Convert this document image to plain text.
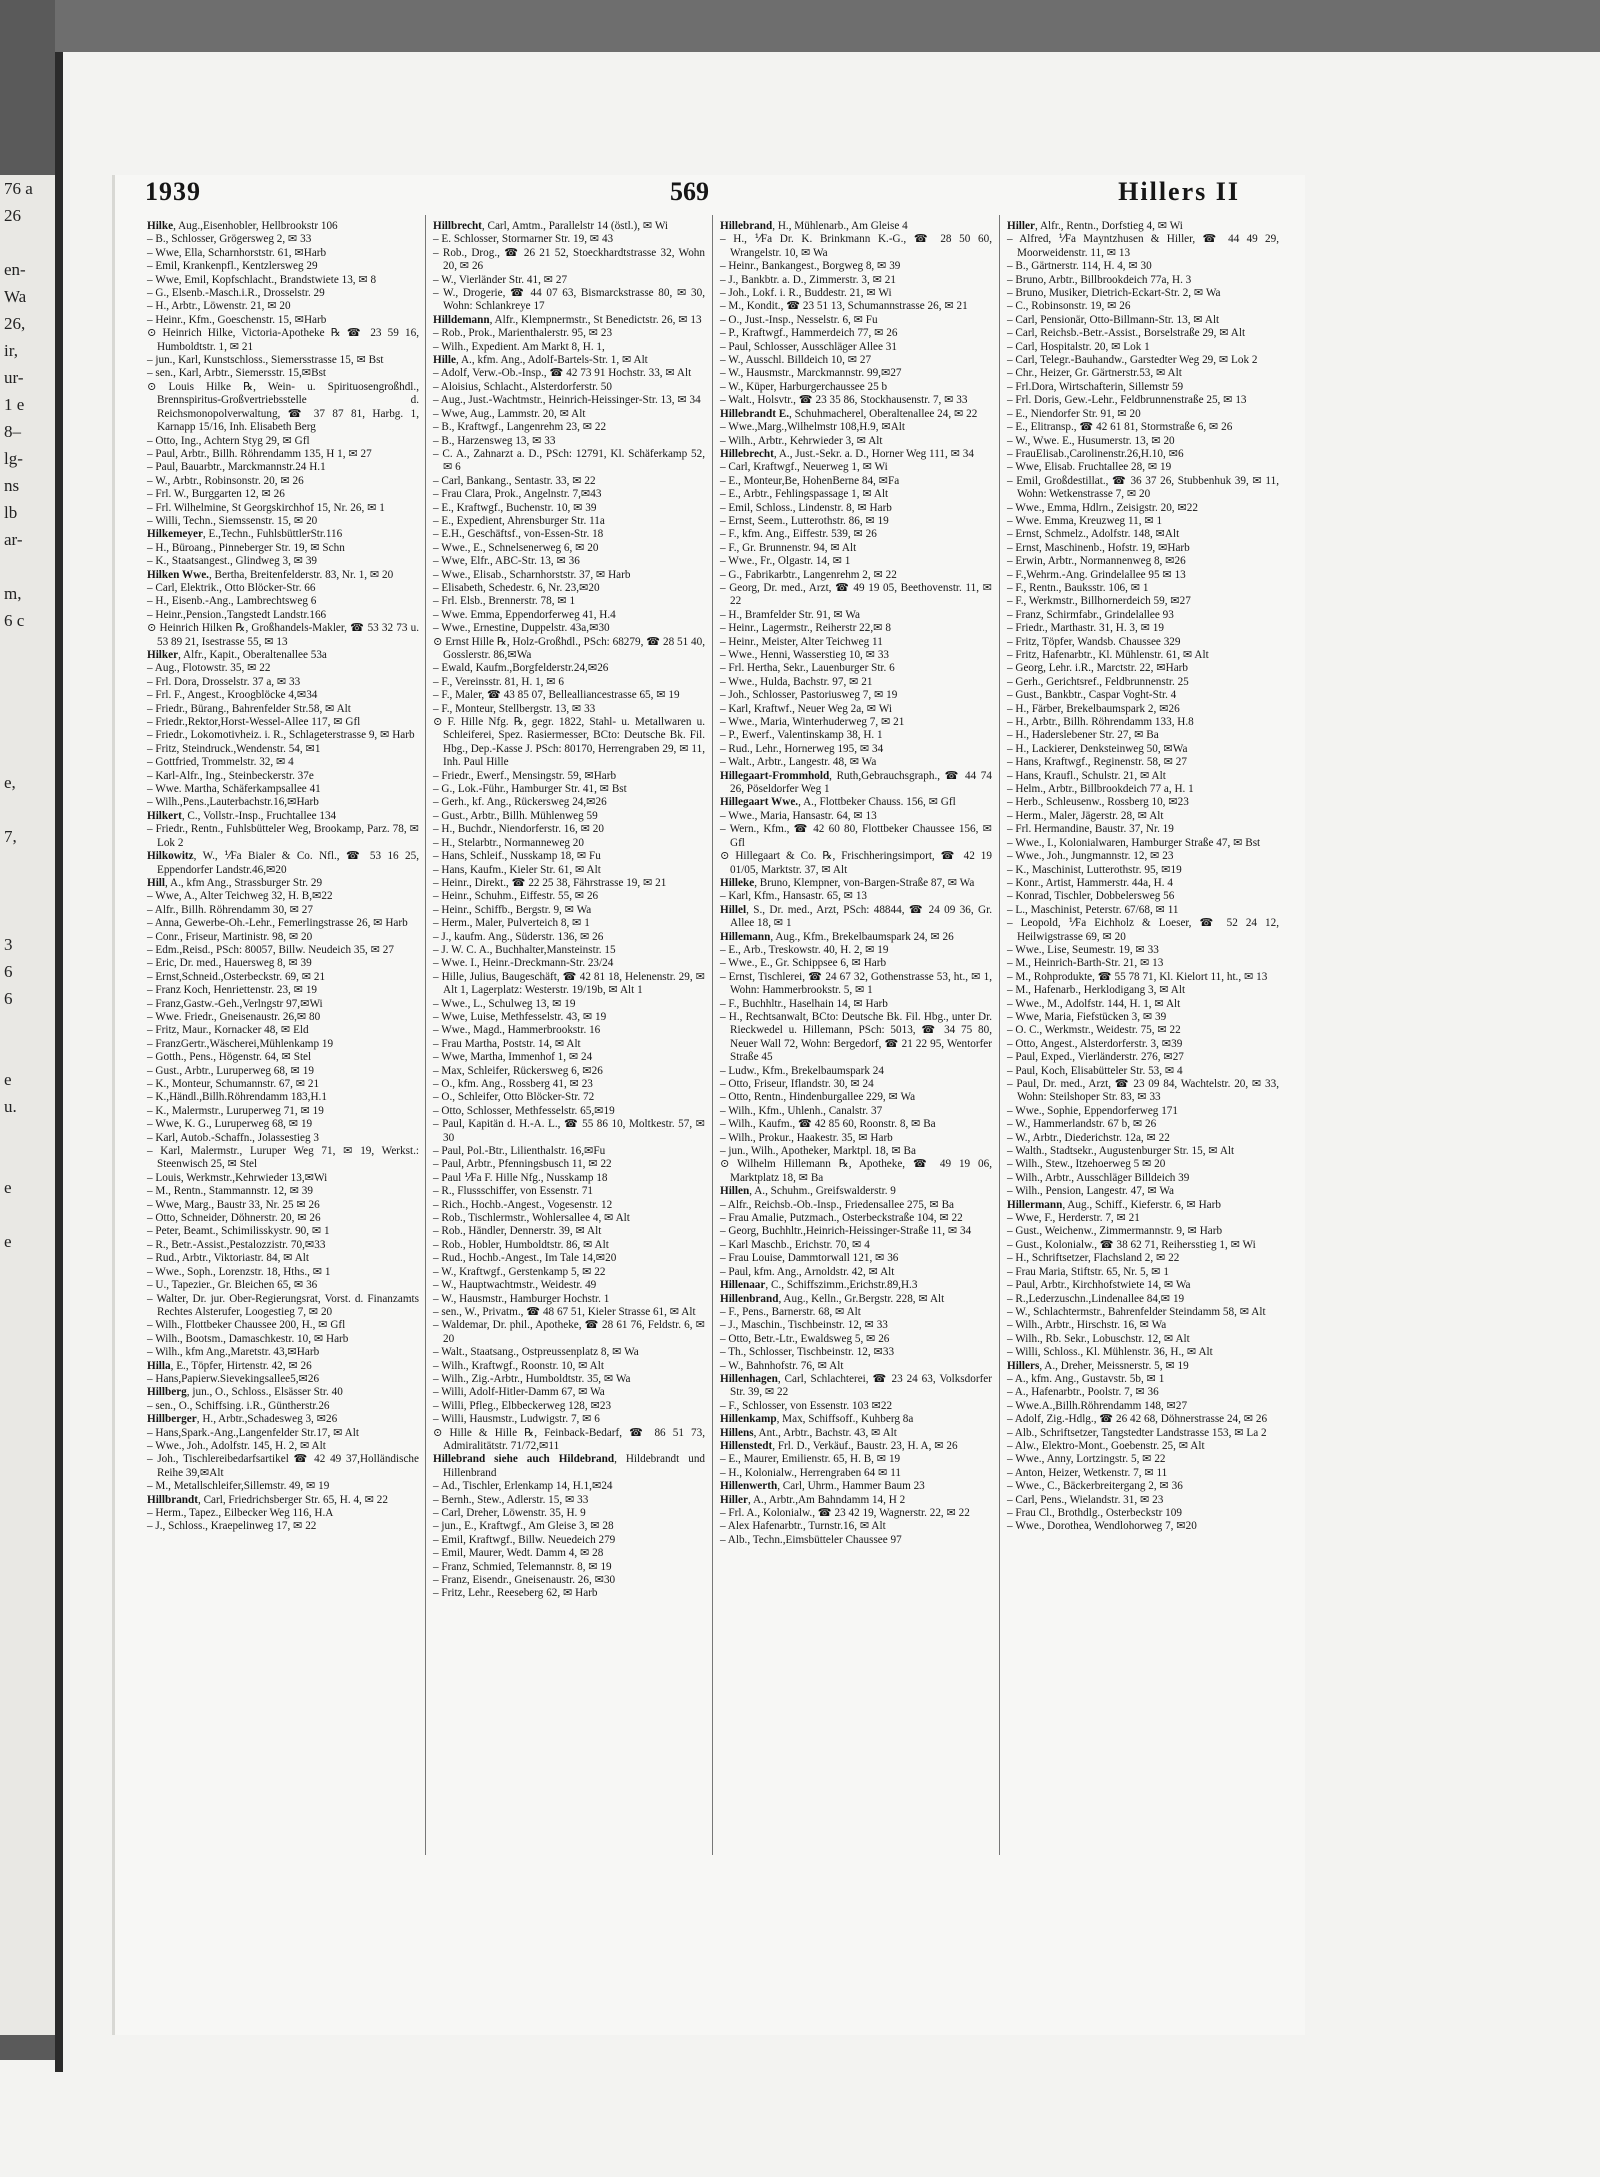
76 a
26

en-
Wa
26,
ir,
ur-
1 e
8–
lg-
ns
lb
ar-

m,
6 c

e,

7,

3
6
6

e
u.

e

e

1939	569	Hillers II

Hilke, Aug.,Eisenhobler, Hellbrookstr 106

– B., Schlosser, Grögersweg 2, ✉ 33

– Wwe, Ella, Scharnhorststr. 61, ✉Harb

– Emil, Krankenpfl., Kentzlersweg 29

– Wwe, Emil, Kopfschlacht., Brandstwiete 13, ✉ 8

– G., Elsenb.-Masch.i.R., Drosselstr. 29

– H., Arbtr., Löwenstr. 21, ✉ 20

– Heinr., Kfm., Goeschenstr. 15, ✉Harb

⊙ Heinrich Hilke, Victoria-Apotheke ℞ ☎ 23 59 16, Humboldtstr. 1, ✉ 21

– jun., Karl, Kunstschloss., Siemersstrasse 15, ✉ Bst

– sen., Karl, Arbtr., Siemersstr. 15,✉Bst

⊙ Louis Hilke ℞, Wein- u. Spirituosengroßhdl., Brennspiritus-Großvertriebsstelle d. Reichsmonopolverwaltung, ☎ 37 87 81, Harbg. 1, Karnapp 15/16, Inh. Elisabeth Berg

– Otto, Ing., Achtern Styg 29, ✉ Gfl

– Paul, Arbtr., Billh. Röhrendamm 135, H 1, ✉ 27

– Paul, Bauarbtr., Marckmannstr.24 H.1

– W., Arbtr., Robinsonstr. 20, ✉ 26

– Frl. W., Burggarten 12, ✉ 26

– Frl. Wilhelmine, St Georgskirchhof 15, Nr. 26, ✉ 1

– Willi, Techn., Siemssenstr. 15, ✉ 20

Hilkemeyer, E.,Techn., FuhlsbüttlerStr.116

– H., Büroang., Pinneberger Str. 19, ✉ Schn

– K., Staatsangest., Glindweg 3, ✉ 39

Hilken Wwe., Bertha, Breitenfelderstr. 83, Nr. 1, ✉ 20

– Carl, Elektrik., Otto Blöcker-Str. 66

– H., Eisenb.-Ang., Lambrechtsweg 6

– Heinr.,Pension.,Tangstedt Landstr.166

⊙ Heinrich Hilken ℞, Großhandels-Makler, ☎ 53 32 73 u. 53 89 21, Isestrasse 55, ✉ 13

Hilker, Alfr., Kapit., Oberaltenallee 53a

– Aug., Flotowstr. 35, ✉ 22

– Frl. Dora, Drosselstr. 37 a, ✉ 33

– Frl. F., Angest., Kroogblöcke 4,✉34

– Friedr., Bürang., Bahrenfelder Str.58, ✉ Alt

– Friedr.,Rektor,Horst-Wessel-Allee 117, ✉ Gfl

– Friedr., Lokomotivheiz. i. R., Schlageterstrasse 9, ✉ Harb

– Fritz, Steindruck.,Wendenstr. 54, ✉1

– Gottfried, Trommelstr. 32, ✉ 4

– Karl-Alfr., Ing., Steinbeckerstr. 37e

– Wwe. Martha, Schäferkampsallee 41

– Wilh.,Pens.,Lauterbachstr.16,✉Harb

Hilkert, C., Vollstr.-Insp., Fruchtallee 134

– Friedr., Rentn., Fuhlsbütteler Weg, Brookamp, Parz. 78, ✉ Lok 2

Hilkowitz, W., ⅟Fa Bialer & Co. Nfl., ☎ 53 16 25, Eppendorfer Landstr.46,✉20

Hill, A., kfm Ang., Strassburger Str. 29

– Wwe, A., Alter Teichweg 32, H. B,✉22

– Alfr., Billh. Röhrendamm 30, ✉ 27

– Anna, Gewerbe-Oh.-Lehr., Femerlingstrasse 26, ✉ Harb

– Conr., Friseur, Martinistr. 98, ✉ 20

– Edm.,Reisd., PSch: 80057, Billw. Neudeich 35, ✉ 27

– Eric, Dr. med., Hauersweg 8, ✉ 39

– Ernst,Schneid.,Osterbeckstr. 69, ✉ 21

– Franz Koch, Henriettenstr. 23, ✉ 19

– Franz,Gastw.-Geh.,Verlngstr 97,✉Wi

– Wwe. Friedr., Gneisenaustr. 26,✉ 80

– Fritz, Maur., Kornacker 48, ✉ Eld

– FranzGertr.,Wäscherei,Mühlenkamp 19

– Gotth., Pens., Högenstr. 64, ✉ Stel

– Gust., Arbtr., Luruperweg 68, ✉ 19

– K., Monteur, Schumannstr. 67, ✉ 21

– K.,Händl.,Billh.Röhrendamm 183,H.1

– K., Malermstr., Luruperweg 71, ✉ 19

– Wwe, K. G., Luruperweg 68, ✉ 19

– Karl, Autob.-Schaffn., Jolassestieg 3

– Karl, Malermstr., Luruper Weg 71, ✉ 19, Werkst.: Steenwisch 25, ✉ Stel

– Louis, Werkmstr.,Kehrwieder 13,✉Wi

– M., Rentn., Stammannstr. 12, ✉ 39

– Wwe, Marg., Baustr 33, Nr. 25 ✉ 26

– Otto, Schneider, Döhnerstr. 20, ✉ 26

– Peter, Beamt., Schimilisskystr. 90, ✉ 1

– R., Betr.-Assist.,Pestalozzistr. 70,✉33

– Rud., Arbtr., Viktoriastr. 84, ✉ Alt

– Wwe., Soph., Lorenzstr. 18, Hths., ✉ 1

– U., Tapezier., Gr. Bleichen 65, ✉ 36

– Walter, Dr. jur. Ober-Regierungsrat, Vorst. d. Finanzamts Rechtes Alsterufer, Loogestieg 7, ✉ 20

– Wilh., Flottbeker Chaussee 200, H., ✉ Gfl

– Wilh., Bootsm., Damaschkestr. 10, ✉ Harb

– Wilh., kfm Ang.,Maretstr. 43,✉Harb

Hilla, E., Töpfer, Hirtenstr. 42, ✉ 26

– Hans,Papierw.Sievekingsallee5,✉26

Hillberg, jun., O., Schloss., Elsässer Str. 40

– sen., O., Schiffsing. i.R., Güntherstr.26

Hillberger, H., Arbtr.,Schadesweg 3, ✉26

– Hans,Spark.-Ang.,Langenfelder Str.17, ✉ Alt

– Wwe., Joh., Adolfstr. 145, H. 2, ✉ Alt

– Joh., Tischlereibedarfsartikel ☎ 42 49 37,Holländische Reihe 39,✉Alt

– M., Metallschleifer,Sillemstr. 49, ✉ 19

Hillbrandt, Carl, Friedrichsberger Str. 65, H. 4, ✉ 22

– Herm., Tapez., Eilbecker Weg 116, H.A

– J., Schloss., Kraepelinweg 17, ✉ 22

Hillbrecht, Carl, Amtm., Parallelstr 14 (östl.), ✉ Wi

– E. Schlosser, Stormarner Str. 19, ✉ 43

– Rob., Drog., ☎ 26 21 52, Stoeckhardtstrasse 32, Wohn 20, ✉ 26

– W., Vierländer Str. 41, ✉ 27

– W., Drogerie, ☎ 44 07 63, Bismarckstrasse 80, ✉ 30, Wohn: Schlankreye 17

Hilldemann, Alfr., Klempnermstr., St Benedictstr. 26, ✉ 13

– Rob., Prok., Marienthalerstr. 95, ✉ 23

– Wilh., Expedient. Am Markt 8, H. 1,

Hille, A., kfm. Ang., Adolf-Bartels-Str. 1, ✉ Alt

– Adolf, Verw.-Ob.-Insp., ☎ 42 73 91 Hochstr. 33, ✉ Alt

– Aloisius, Schlacht., Alsterdorferstr. 50

– Aug., Just.-Wachtmstr., Heinrich-Heissinger-Str. 13, ✉ 34

– Wwe, Aug., Lammstr. 20, ✉ Alt

– B., Kraftwgf., Langenrehm 23, ✉ 22

– B., Harzensweg 13, ✉ 33

– C. A., Zahnarzt a. D., PSch: 12791, Kl. Schäferkamp 52, ✉ 6

– Carl, Bankang., Sentastr. 33, ✉ 22

– Frau Clara, Prok., Angelnstr. 7,✉43

– E., Kraftwgf., Buchenstr. 10, ✉ 39

– E., Expedient, Ahrensburger Str. 11a

– E.H., Geschäftsf., von-Essen-Str. 18

– Wwe., E., Schnelsenerweg 6, ✉ 20

– Wwe, Elfr., ABC-Str. 13, ✉ 36

– Wwe., Elisab., Scharnhorststr. 37, ✉ Harb

– Elisabeth, Schedestr. 6, Nr. 23,✉20

– Frl. Elsb., Brennerstr. 78, ✉ 1

– Wwe. Emma, Eppendorferweg 41, H.4

– Wwe., Ernestine, Duppelstr. 43a,✉30

⊙ Ernst Hille ℞, Holz-Großhdl., PSch: 68279, ☎ 28 51 40, Gosslerstr. 86,✉Wa

– Ewald, Kaufm.,Borgfelderstr.24,✉26

– F., Vereinsstr. 81, H. 1, ✉ 6

– F., Maler, ☎ 43 85 07, Bellealliancestrasse 65, ✉ 19

– F., Monteur, Stellbergstr. 13, ✉ 33

⊙ F. Hille Nfg. ℞, gegr. 1822, Stahl- u. Metallwaren u. Schleiferei, Spez. Rasiermesser, BCto: Deutsche Bk. Fil. Hbg., Dep.-Kasse J. PSch: 80170, Herrengraben 29, ✉ 11, Inh. Paul Hille

– Friedr., Ewerf., Mensingstr. 59, ✉Harb

– G., Lok.-Führ., Hamburger Str. 41, ✉ Bst

– Gerh., kf. Ang., Rückersweg 24,✉26

– Gust., Arbtr., Billh. Mühlenweg 59

– H., Buchdr., Niendorferstr. 16, ✉ 20

– H., Stelarbtr., Normanneweg 20

– Hans, Schleif., Nusskamp 18, ✉ Fu

– Hans, Kaufm., Kieler Str. 61, ✉ Alt

– Heinr., Direkt., ☎ 22 25 38, Fährstrasse 19, ✉ 21

– Heinr., Schuhm., Eiffestr. 55, ✉ 26

– Heinr., Schiffb., Bergstr. 9, ✉ Wa

– Herm., Maler, Pulverteich 8, ✉ 1

– J., kaufm. Ang., Süderstr. 136, ✉ 26

– J. W. C. A., Buchhalter,Mansteinstr. 15

– Wwe. I., Heinr.-Dreckmann-Str. 23/24

– Hille, Julius, Baugeschäft, ☎ 42 81 18, Helenenstr. 29, ✉ Alt 1, Lagerplatz: Westerstr. 19/19b, ✉ Alt 1

– Wwe., L., Schulweg 13, ✉ 19

– Wwe, Luise, Methfesselstr. 43, ✉ 19

– Wwe., Magd., Hammerbrookstr. 16

– Frau Martha, Poststr. 14, ✉ Alt

– Wwe, Martha, Immenhof 1, ✉ 24

– Max, Schleifer, Rückersweg 6, ✉26

– O., kfm. Ang., Rossberg 41, ✉ 23

– O., Schleifer, Otto Blöcker-Str. 72

– Otto, Schlosser, Methfesselstr. 65,✉19

– Paul, Kapitän d. H.-A. L., ☎ 55 86 10, Moltkestr. 57, ✉ 30

– Paul, Pol.-Btr., Lilienthalstr. 16,✉Fu

– Paul, Arbtr., Pfenningsbusch 11, ✉ 22

– Paul ⅟Fa F. Hille Nfg., Nusskamp 18

– R., Flussschiffer, von Essenstr. 71

– Rich., Hochb.-Angest., Vogesenstr. 12

– Rob., Tischlermstr., Wohlersallee 4, ✉ Alt

– Rob., Händler, Dennerstr. 39, ✉ Alt

– Rob., Hobler, Humboldtstr. 86, ✉ Alt

– Rud., Hochb.-Angest., Im Tale 14,✉20

– W., Kraftwgf., Gerstenkamp 5, ✉ 22

– W., Hauptwachtmstr., Weidestr. 49

– W., Hausmstr., Hamburger Hochstr. 1

– sen., W., Privatm., ☎ 48 67 51, Kieler Strasse 61, ✉ Alt

– Waldemar, Dr. phil., Apotheke, ☎ 28 61 76, Feldstr. 6, ✉ 20

– Walt., Staatsang., Ostpreussenplatz 8, ✉ Wa

– Wilh., Kraftwgf., Roonstr. 10, ✉ Alt

– Wilh., Zig.-Arbtr., Humboldtstr. 35, ✉ Wa

– Willi, Adolf-Hitler-Damm 67, ✉ Wa

– Willi, Pfleg., Elbbeckerweg 128, ✉23

– Willi, Hausmstr., Ludwigstr. 7, ✉ 6

⊙ Hille & Hille ℞, Feinback-Bedarf, ☎ 86 51 73, Admiralitätstr. 71/72,✉11

Hillebrand siehe auch Hildebrand, Hildebrandt und Hillenbrand

– Ad., Tischler, Erlenkamp 14, H.1,✉24

– Bernh., Stew., Adlerstr. 15, ✉ 33

– Carl, Dreher, Löwenstr. 35, H. 9

– jun., E., Kraftwgf., Am Gleise 3, ✉ 28

– Emil, Kraftwgf., Billw. Neuedeich 279

– Emil, Maurer, Wedt. Damm 4, ✉ 28

– Franz, Schmied, Telemannstr. 8, ✉ 19

– Franz, Eisendr., Gneisenaustr. 26, ✉30

– Fritz, Lehr., Reeseberg 62, ✉ Harb

Hillebrand, H., Mühlenarb., Am Gleise 4

– H., ⅟Fa Dr. K. Brinkmann K.-G., ☎ 28 50 60, Wrangelstr. 10, ✉ Wa

– Heinr., Bankangest., Borgweg 8, ✉ 39

– J., Bankbtr. a. D., Zimmerstr. 3, ✉ 21

– Joh., Lokf. i. R., Buddestr. 21, ✉ Wi

– M., Kondit., ☎ 23 51 13, Schumannstrasse 26, ✉ 21

– O., Just.-Insp., Nesselstr. 6, ✉ Fu

– P., Kraftwgf., Hammerdeich 77, ✉ 26

– Paul, Schlosser, Ausschläger Allee 31

– W., Ausschl. Billdeich 10, ✉ 27

– W., Hausmstr., Marckmannstr. 99,✉27

– W., Küper, Harburgerchaussee 25 b

– Walt., Holsvtr., ☎ 23 35 86, Stockhausenstr. 7, ✉ 33

Hillebrandt E., Schuhmacherel, Oberaltenallee 24, ✉ 22

– Wwe.,Marg.,Wilhelmstr 108,H.9, ✉Alt

– Wilh., Arbtr., Kehrwieder 3, ✉ Alt

Hillebrecht, A., Just.-Sekr. a. D., Horner Weg 111, ✉ 34

– Carl, Kraftwgf., Neuerweg 1, ✉ Wi

– E., Monteur,Be, HohenBerne 84, ✉Fa

– E., Arbtr., Fehlingspassage 1, ✉ Alt

– Emil, Schloss., Lindenstr. 8, ✉ Harb

– Ernst, Seem., Lutterothstr. 86, ✉ 19

– F., kfm. Ang., Eiffestr. 539, ✉ 26

– F., Gr. Brunnenstr. 94, ✉ Alt

– Wwe., Fr., Olgastr. 14, ✉ 1

– G., Fabrikarbtr., Langenrehm 2, ✉ 22

– Georg, Dr. med., Arzt, ☎ 49 19 05, Beethovenstr. 11, ✉ 22

– H., Bramfelder Str. 91, ✉ Wa

– Heinr., Lagermstr., Reiherstr 22,✉ 8

– Heinr., Meister, Alter Teichweg 11

– Wwe., Henni, Wasserstieg 10, ✉ 33

– Frl. Hertha, Sekr., Lauenburger Str. 6

– Wwe., Hulda, Bachstr. 97, ✉ 21

– Joh., Schlosser, Pastoriusweg 7, ✉ 19

– Karl, Kraftwf., Neuer Weg 2a, ✉ Wi

– Wwe., Maria, Winterhuderweg 7, ✉ 21

– P., Ewerf., Valentinskamp 38, H. 1

– Rud., Lehr., Hornerweg 195, ✉ 34

– Walt., Arbtr., Langestr. 48, ✉ Wa

Hillegaart-Frommhold, Ruth,Gebrauchsgraph., ☎ 44 74 26, Pöseldorfer Weg 1

Hillegaart Wwe., A., Flottbeker Chauss. 156, ✉ Gfl

– Wwe., Maria, Hansastr. 64, ✉ 13

– Wern., Kfm., ☎ 42 60 80, Flottbeker Chaussee 156, ✉ Gfl

⊙ Hillegaart & Co. ℞, Frischheringsimport, ☎ 42 19 01/05, Marktstr. 37, ✉ Alt

Hilleke, Bruno, Klempner, von-Bargen-Straße 87, ✉ Wa

– Karl, Kfm., Hansastr. 65, ✉ 13

Hillel, S., Dr. med., Arzt, PSch: 48844, ☎ 24 09 36, Gr. Allee 18, ✉ 1

Hillemann, Aug., Kfm., Brekelbaumspark 24, ✉ 26

– E., Arb., Treskowstr. 40, H. 2, ✉ 19

– Wwe., E., Gr. Schippsee 6, ✉ Harb

– Ernst, Tischlerei, ☎ 24 67 32, Gothenstrasse 53, ht., ✉ 1, Wohn: Hammerbrookstr. 5, ✉ 1

– F., Buchhltr., Haselhain 14, ✉ Harb

– H., Rechtsanwalt, BCto: Deutsche Bk. Fil. Hbg., unter Dr. Rieckwedel u. Hillemann, PSch: 5013, ☎ 34 75 80, Neuer Wall 72, Wohn: Bergedorf, ☎ 21 22 95, Wentorfer Straße 45

– Ludw., Kfm., Brekelbaumspark 24

– Otto, Friseur, Iflandstr. 30, ✉ 24

– Otto, Rentn., Hindenburgallee 229, ✉ Wa

– Wilh., Kfm., Uhlenh., Canalstr. 37

– Wilh., Kaufm., ☎ 42 85 60, Roonstr. 8, ✉ Ba

– Wilh., Prokur., Haakestr. 35, ✉ Harb

– jun., Wilh., Apotheker, Marktpl. 18, ✉ Ba

⊙ Wilhelm Hillemann ℞, Apotheke, ☎ 49 19 06, Marktplatz 18, ✉ Ba

Hillen, A., Schuhm., Greifswalderstr. 9

– Alfr., Reichsb.-Ob.-Insp., Friedensallee 275, ✉ Ba

– Frau Amalie, Putzmach., Osterbeckstraße 104, ✉ 22

– Georg, Buchhltr.,Heinrich-Heissinger-Straße 11, ✉ 34

– Karl Maschb., Erichstr. 70, ✉ 4

– Frau Louise, Dammtorwall 121, ✉ 36

– Paul, kfm. Ang., Arnoldstr. 42, ✉ Alt

Hillenaar, C., Schiffszimm.,Erichstr.89,H.3

Hillenbrand, Aug., Kelln., Gr.Bergstr. 228, ✉ Alt

– F., Pens., Barnerstr. 68, ✉ Alt

– J., Maschin., Tischbeinstr. 12, ✉ 33

– Otto, Betr.-Ltr., Ewaldsweg 5, ✉ 26

– Th., Schlosser, Tischbeinstr. 12, ✉33

– W., Bahnhofstr. 76, ✉ Alt

Hillenhagen, Carl, Schlachterei, ☎ 23 24 63, Volksdorfer Str. 39, ✉ 22

– F., Schlosser, von Essenstr. 103 ✉22

Hillenkamp, Max, Schiffsoff., Kuhberg 8a

Hillens, Ant., Arbtr., Bachstr. 43, ✉ Alt

Hillenstedt, Frl. D., Verkäuf., Baustr. 23, H. A, ✉ 26

– E., Maurer, Emilienstr. 65, H. B, ✉ 19

– H., Kolonialw., Herrengraben 64 ✉ 11

Hillenwerth, Carl, Uhrm., Hammer Baum 23

Hiller, A., Arbtr.,Am Bahndamm 14, H 2

– Frl. A., Kolonialw., ☎ 23 42 19, Wagnerstr. 22, ✉ 22

– Alex Hafenarbtr., Turnstr.16, ✉ Alt

– Alb., Techn.,Eimsbütteler Chaussee 97

Hiller, Alfr., Rentn., Dorfstieg 4, ✉ Wi

– Alfred, ⅟Fa Mayntzhusen & Hiller, ☎ 44 49 29, Moorweidenstr. 11, ✉ 13

– B., Gärtnerstr. 114, H. 4, ✉ 30

– Bruno, Arbtr., Billbrookdeich 77a, H. 3

– Bruno, Musiker, Dietrich-Eckart-Str. 2, ✉ Wa

– C., Robinsonstr. 19, ✉ 26

– Carl, Pensionär, Otto-Billmann-Str. 13, ✉ Alt

– Carl, Reichsb.-Betr.-Assist., Borselstraße 29, ✉ Alt

– Carl, Hospitalstr. 20, ✉ Lok 1

– Carl, Telegr.-Bauhandw., Garstedter Weg 29, ✉ Lok 2

– Chr., Heizer, Gr. Gärtnerstr.53, ✉ Alt

– Frl.Dora, Wirtschafterin, Sillemstr 59

– Frl. Doris, Gew.-Lehr., Feldbrunnenstraße 25, ✉ 13

– E., Niendorfer Str. 91, ✉ 20

– E., Elitransp., ☎ 42 61 81, Stormstraße 6, ✉ 26

– W., Wwe. E., Husumerstr. 13, ✉ 20

– FrauElisab.,Carolinenstr.26,H.10, ✉6

– Wwe, Elisab. Fruchtallee 28, ✉ 19

– Emil, Großdestillat., ☎ 36 37 26, Stubbenhuk 39, ✉ 11, Wohn: Wetkenstrasse 7, ✉ 20

– Wwe., Emma, Hdlrn., Zeisigstr. 20, ✉22

– Wwe. Emma, Kreuzweg 11, ✉ 1

– Ernst, Schmelz., Adolfstr. 148, ✉Alt

– Ernst, Maschinenb., Hofstr. 19, ✉Harb

– Erwin, Arbtr., Normannenweg 8, ✉26

– F.,Wehrm.-Ang. Grindelallee 95 ✉ 13

– F., Rentn., Bauksstr. 106, ✉ 1

– F., Werkmstr., Billhornerdeich 59, ✉27

– Franz, Schirmfabr., Grindelallee 93

– Friedr., Marthastr. 31, H. 3, ✉ 19

– Fritz, Töpfer, Wandsb. Chaussee 329

– Fritz, Hafenarbtr., Kl. Mühlenstr. 61, ✉ Alt

– Georg, Lehr. i.R., Marctstr. 22, ✉Harb

– Gerh., Gerichtsref., Feldbrunnenstr. 25

– Gust., Bankbtr., Caspar Voght-Str. 4

– H., Färber, Brekelbaumspark 2, ✉26

– H., Arbtr., Billh. Röhrendamm 133, H.8

– H., Haderslebener Str. 27, ✉ Ba

– H., Lackierer, Denksteinweg 50, ✉Wa

– Hans, Kraftwgf., Reginenstr. 58, ✉ 27

– Hans, Kraufl., Schulstr. 21, ✉ Alt

– Helm., Arbtr., Billbrookdeich 77 a, H. 1

– Herb., Schleusenw., Rossberg 10, ✉23

– Herm., Maler, Jägerstr. 28, ✉ Alt

– Frl. Hermandine, Baustr. 37, Nr. 19

– Wwe., I., Kolonialwaren, Hamburger Straße 47, ✉ Bst

– Wwe., Joh., Jungmannstr. 12, ✉ 23

– K., Maschinist, Lutterothstr. 95, ✉19

– Konr., Artist, Hammerstr. 44a, H. 4

– Konrad, Tischler, Dobbelersweg 56

– L., Maschinist, Peterstr. 67/68, ✉ 11

– Leopold, ⅟Fa Eichholz & Loeser, ☎ 52 24 12, Heilwigstrasse 69, ✉ 20

– Wwe., Lise, Seumestr. 19, ✉ 33

– M., Heinrich-Barth-Str. 21, ✉ 13

– M., Rohprodukte, ☎ 55 78 71, Kl. Kielort 11, ht., ✉ 13

– M., Hafenarb., Herklodigang 3, ✉ Alt

– Wwe., M., Adolfstr. 144, H. 1, ✉ Alt

– Wwe, Maria, Fiefstücken 3, ✉ 39

– O. C., Werkmstr., Weidestr. 75, ✉ 22

– Otto, Angest., Alsterdorferstr. 3, ✉39

– Paul, Exped., Vierländerstr. 276, ✉27

– Paul, Koch, Elisabütteler Str. 53, ✉ 4

– Paul, Dr. med., Arzt, ☎ 23 09 84, Wachtelstr. 20, ✉ 33, Wohn: Steilshoper Str. 83, ✉ 33

– Wwe., Sophie, Eppendorferweg 171

– W., Hammerlandstr. 67 b, ✉ 26

– W., Arbtr., Diederichstr. 12a, ✉ 22

– Walth., Stadtsekr., Augustenburger Str. 15, ✉ Alt

– Wilh., Stew., Itzehoerweg 5 ✉ 20

– Wilh., Arbtr., Ausschläger Billdeich 39

– Wilh., Pension, Langestr. 47, ✉ Wa

Hillermann, Aug., Schiff., Kieferstr. 6, ✉ Harb

– Wwe, F., Herderstr. 7, ✉ 21

– Gust., Weichenw., Zimmermannstr. 9, ✉ Harb

– Gust., Kolonialw., ☎ 38 62 71, Reihersstieg 1, ✉ Wi

– H., Schriftsetzer, Flachsland 2, ✉ 22

– Frau Maria, Stiftstr. 65, Nr. 5, ✉ 1

– Paul, Arbtr., Kirchhofstwiete 14, ✉ Wa

– R.,Lederzuschn.,Lindenallee 84,✉ 19

– W., Schlachtermstr., Bahrenfelder Steindamm 58, ✉ Alt

– Wilh., Arbtr., Hirschstr. 16, ✉ Wa

– Wilh., Rb. Sekr., Lobuschstr. 12, ✉ Alt

– Willi, Schloss., Kl. Mühlenstr. 36, H., ✉ Alt

Hillers, A., Dreher, Meissnerstr. 5, ✉ 19

– A., kfm. Ang., Gustavstr. 5b, ✉ 1

– A., Hafenarbtr., Poolstr. 7, ✉ 36

– Wwe.A.,Billh.Röhrendamm 148, ✉27

– Adolf, Zig.-Hdlg., ☎ 26 42 68, Döhnerstrasse 24, ✉ 26

– Alb., Schriftsetzer, Tangstedter Landstrasse 153, ✉ La 2

– Alw., Elektro-Mont., Goebenstr. 25, ✉ Alt

– Wwe., Anny, Lortzingstr. 5, ✉ 22

– Anton, Heizer, Wetkenstr. 7, ✉ 11

– Wwe., C., Bäckerbreitergang 2, ✉ 36

– Carl, Pens., Wielandstr. 31, ✉ 23

– Frau Cl., Brothdlg., Osterbeckstr 109

– Wwe., Dorothea, Wendlohorweg 7, ✉20
